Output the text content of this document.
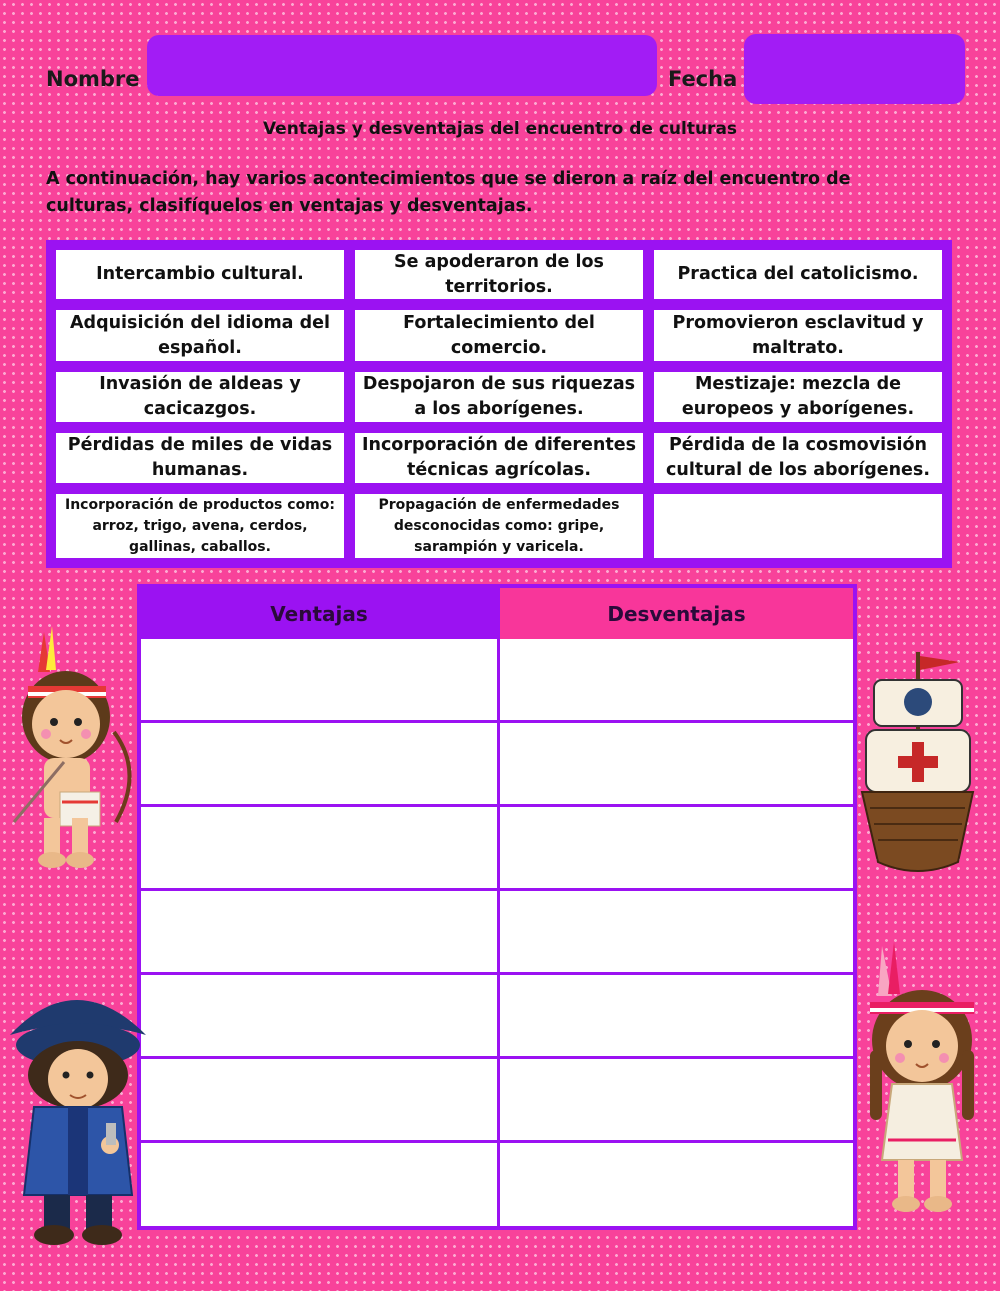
Nombre	Fecha
Ventajas y desventajas del encuentro de culturas
A continuación, hay varios acontecimientos que se dieron a raíz del encuentro de culturas, clasifíquelos en ventajas y desventajas.
Intercambio cultural.
Se apoderaron de los territorios.
Practica del catolicismo.
Adquisición del idioma del español.
Fortalecimiento del comercio.
Promovieron esclavitud y maltrato.
Invasión de aldeas y cacicazgos.
Despojaron de sus riquezas a los aborígenes.
Mestizaje: mezcla de europeos y aborígenes.
Pérdidas de miles de vidas humanas.
Incorporación de diferentes técnicas agrícolas.
Pérdida de la cosmovisión cultural de los aborígenes.
Incorporación de productos como: arroz, trigo, avena, cerdos, gallinas, caballos.
Propagación de enfermedades desconocidas como: gripe, sarampión y varicela.
Ventajas	Desventajas
